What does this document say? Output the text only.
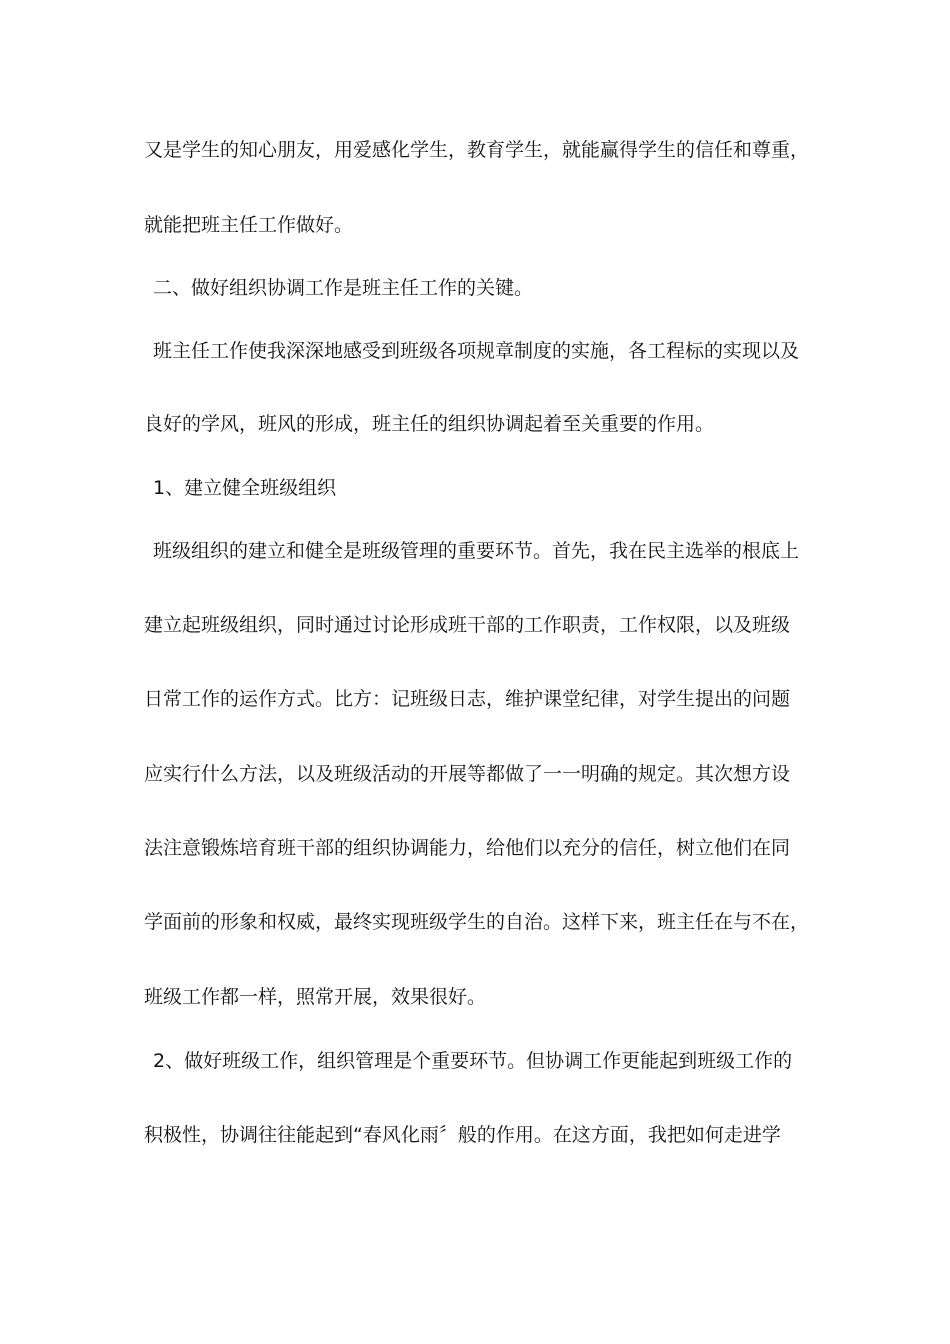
又是学生的知心朋友，用爱感化学生，教育学生，就能赢得学生的信任和尊重，
就能把班主任工作做好。
二、做好组织协调工作是班主任工作的关键。
班主任工作使我深深地感受到班级各项规章制度的实施，各工程标的实现以及
良好的学风，班风的形成，班主任的组织协调起着至关重要的作用。
1、建立健全班级组织
班级组织的建立和健全是班级管理的重要环节。首先，我在民主选举的根底上
建立起班级组织，同时通过讨论形成班干部的工作职责，工作权限，以及班级
日常工作的运作方式。比方：记班级日志，维护课堂纪律，对学生提出的问题
应实行什么方法，以及班级活动的开展等都做了一一明确的规定。其次想方设
法注意锻炼培育班干部的组织协调能力，给他们以充分的信任，树立他们在同
学面前的形象和权威，最终实现班级学生的自治。这样下来，班主任在与不在，
班级工作都一样，照常开展，效果很好。
2、做好班级工作，组织管理是个重要环节。但协调工作更能起到班级工作的
积极性，协调往往能起到“春风化雨〞般的作用。在这方面，我把如何走进学
